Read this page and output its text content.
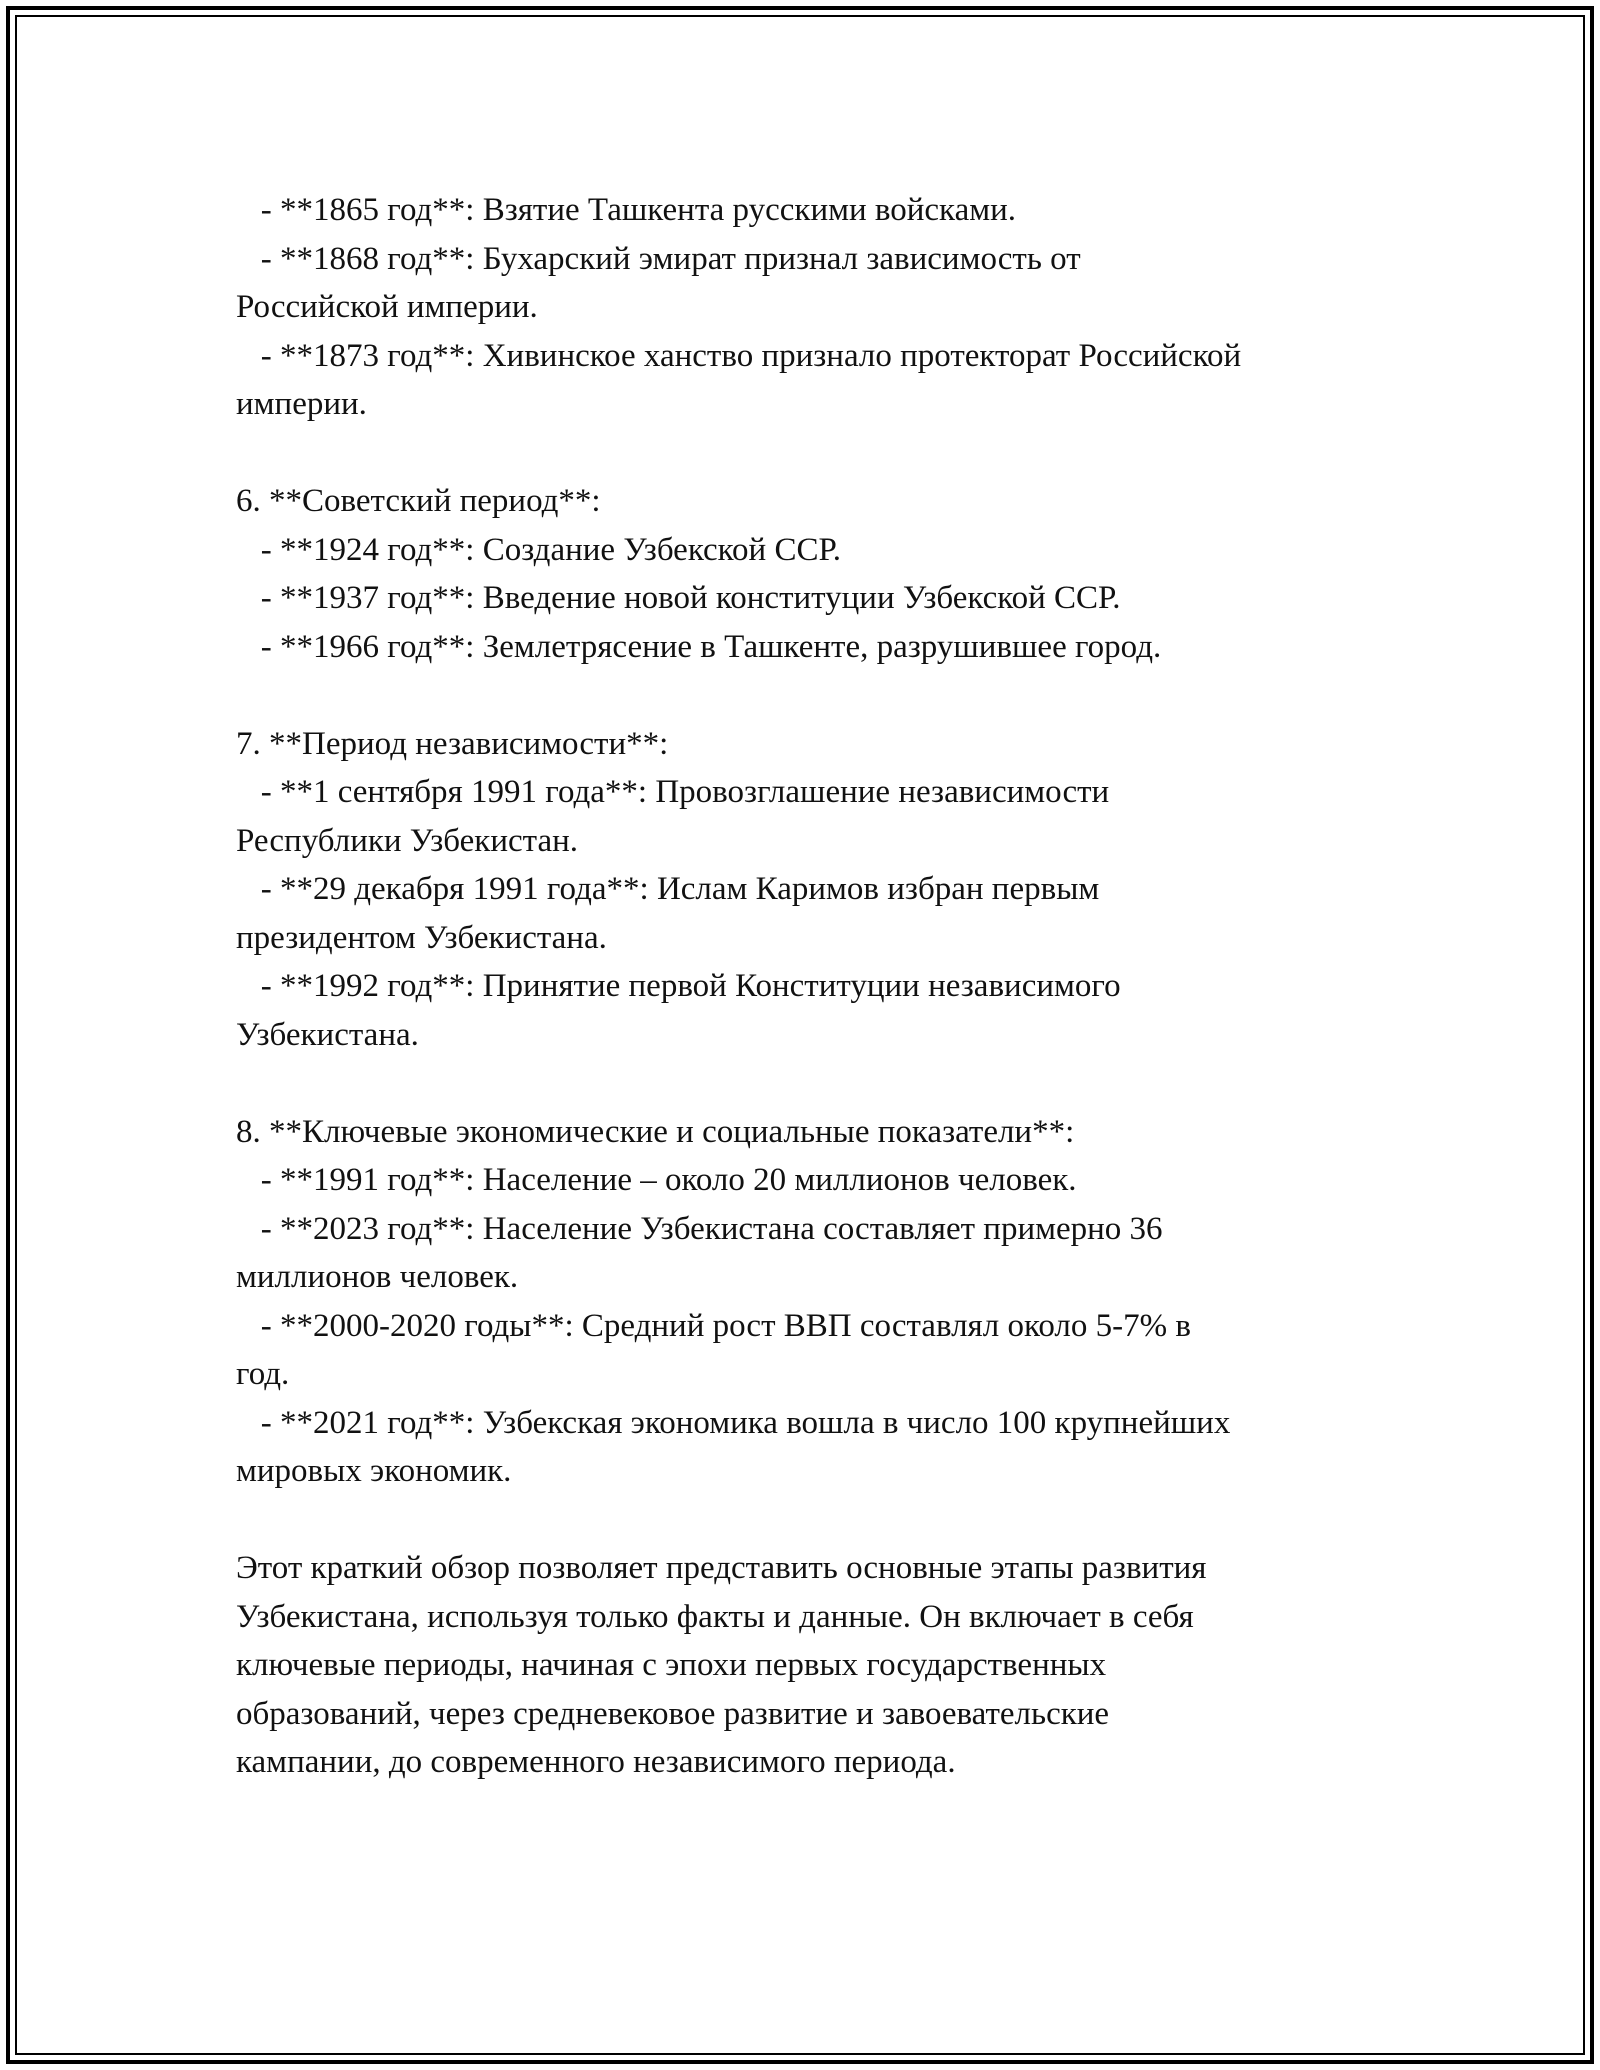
- **1865 год**: Взятие Ташкента русскими войсками.
- **1868 год**: Бухарский эмират признал зависимость от
Российской империи.
- **1873 год**: Хивинское ханство признало протекторат Российской
империи.
6. **Советский период**:
- **1924 год**: Создание Узбекской ССР.
- **1937 год**: Введение новой конституции Узбекской ССР.
- **1966 год**: Землетрясение в Ташкенте, разрушившее город.
7. **Период независимости**:
- **1 сентября 1991 года**: Провозглашение независимости
Республики Узбекистан.
- **29 декабря 1991 года**: Ислам Каримов избран первым
президентом Узбекистана.
- **1992 год**: Принятие первой Конституции независимого
Узбекистана.
8. **Ключевые экономические и социальные показатели**:
- **1991 год**: Население – около 20 миллионов человек.
- **2023 год**: Население Узбекистана составляет примерно 36
миллионов человек.
- **2000-2020 годы**: Средний рост ВВП составлял около 5-7% в
год.
- **2021 год**: Узбекская экономика вошла в число 100 крупнейших
мировых экономик.
Этот краткий обзор позволяет представить основные этапы развития
Узбекистана, используя только факты и данные. Он включает в себя
ключевые периоды, начиная с эпохи первых государственных
образований, через средневековое развитие и завоевательские
кампании, до современного независимого периода.
